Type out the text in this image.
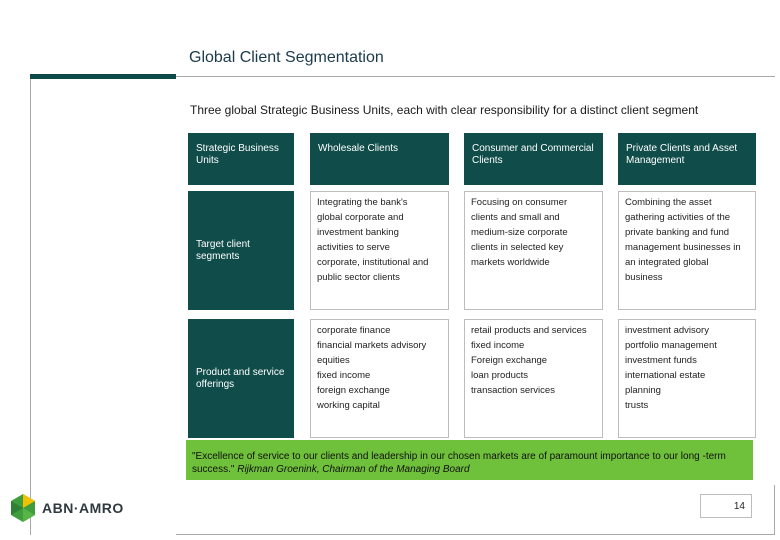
Global Client Segmentation
Three global Strategic Business Units, each with clear responsibility for a distinct client segment
Strategic Business Units
Wholesale Clients	Consumer and Commercial Clients
Private Clients and Asset Management
Target client segments
Integrating the bank's
global corporate and
investment banking
activities to serve
corporate, institutional and
public sector clients
Focusing on consumer
clients and small and
medium-size corporate
clients in selected key
markets worldwide
Combining the asset
gathering activities of the
private banking and fund
management businesses in
an integrated global
business
Product and service offerings
corporate finance
financial markets advisory
equities
fixed income
foreign exchange
working capital
retail products and services
fixed income
Foreign exchange
loan products
transaction services
investment advisory
portfolio management
investment funds
international estate
planning
trusts
"Excellence of service to our clients and leadership in our chosen markets are of paramount importance to our long -term success." Rijkman Groenink, Chairman of the Managing Board
ABN·AMRO	14
